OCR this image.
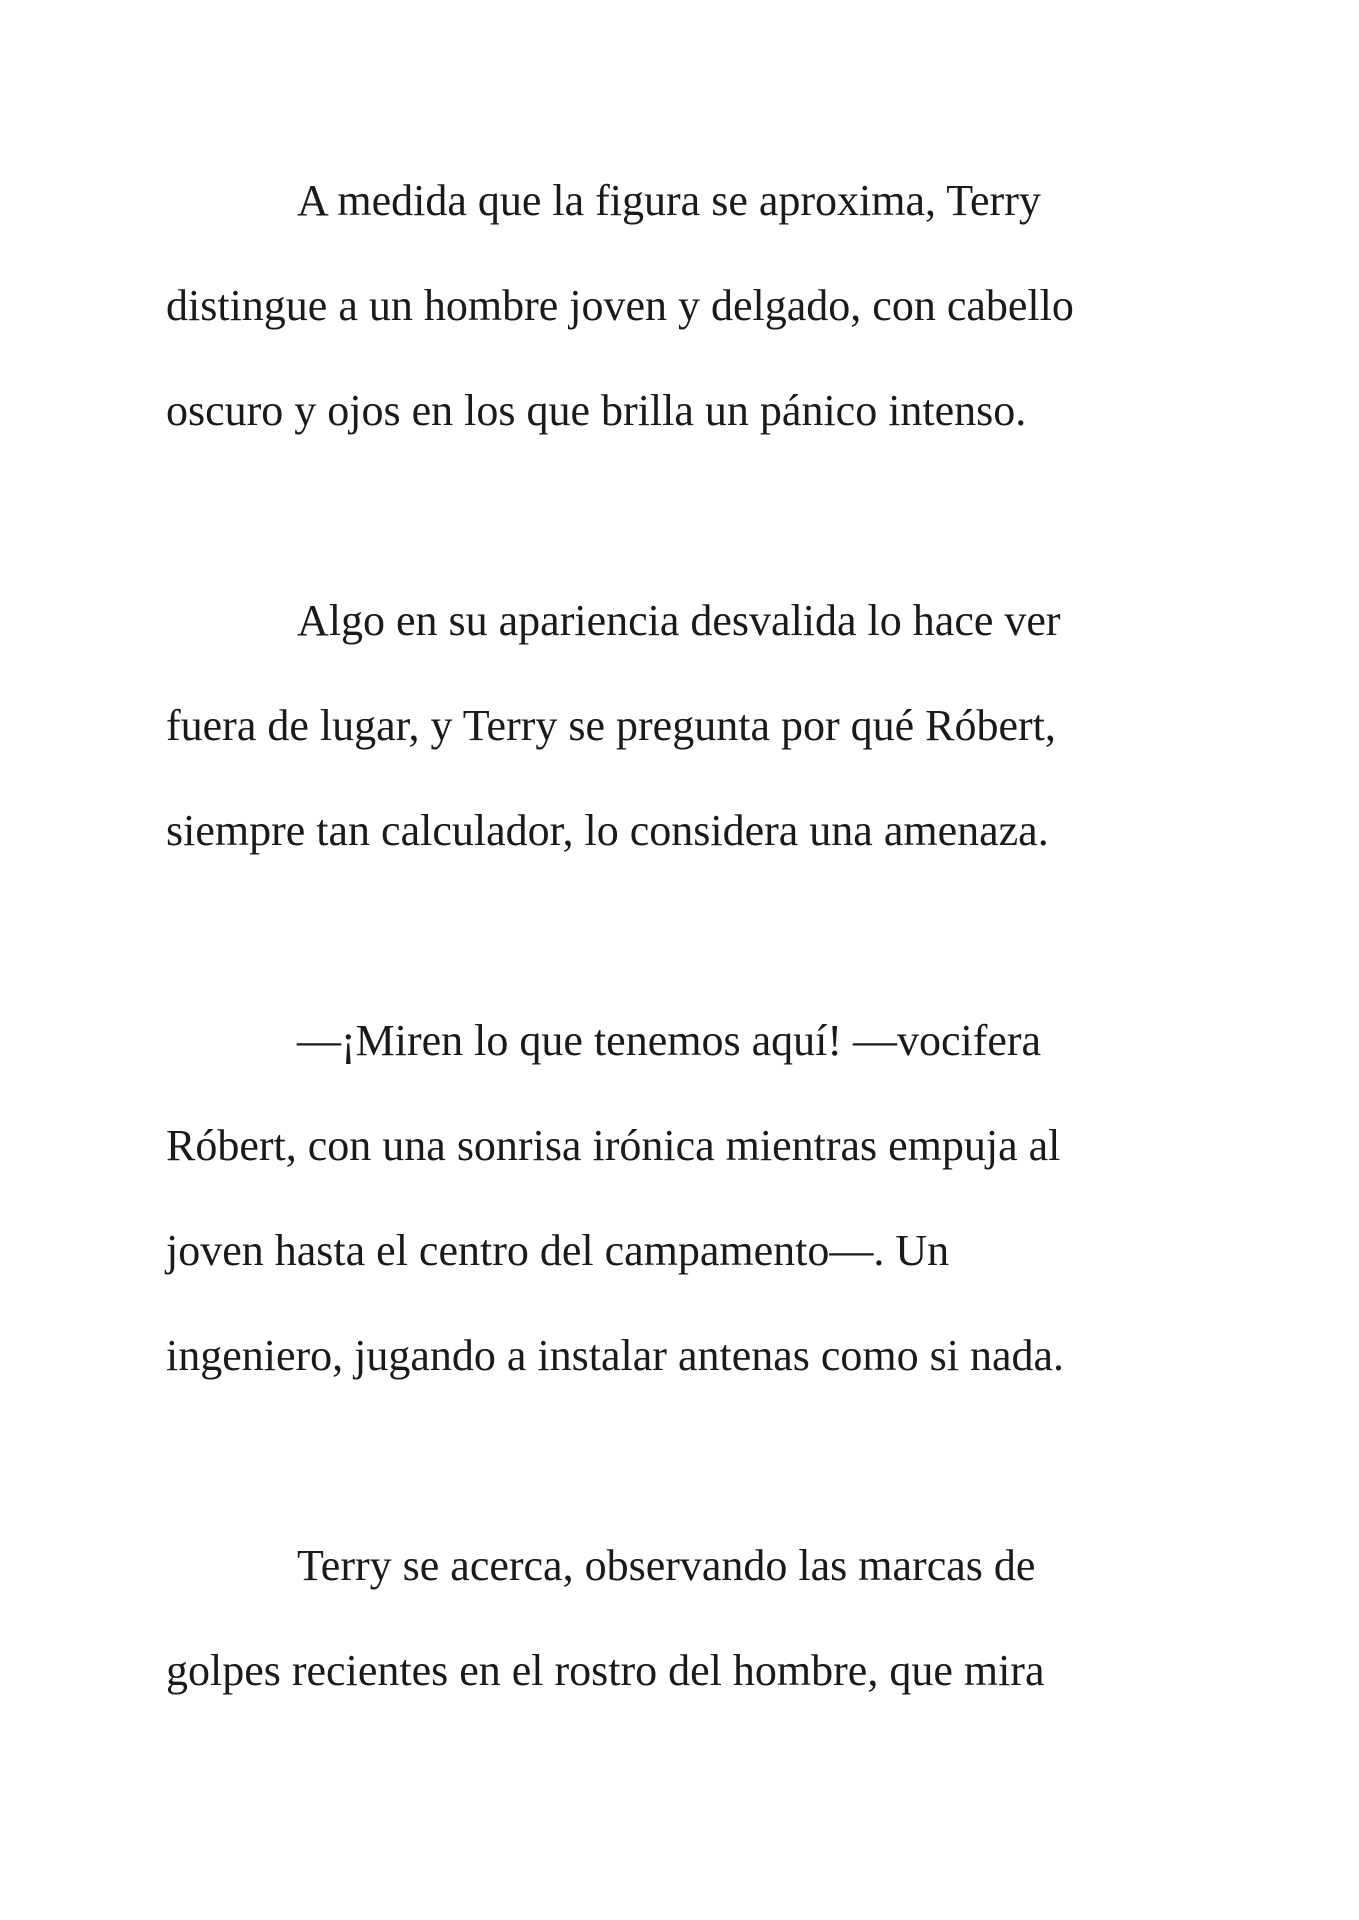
A medida que la figura se aproxima, Terry
distingue a un hombre joven y delgado, con cabello
oscuro y ojos en los que brilla un pánico intenso.

Algo en su apariencia desvalida lo hace ver
fuera de lugar, y Terry se pregunta por qué Róbert,
siempre tan calculador, lo considera una amenaza.

—¡Miren lo que tenemos aquí! —vocifera
Róbert, con una sonrisa irónica mientras empuja al
joven hasta el centro del campamento—. Un
ingeniero, jugando a instalar antenas como si nada.

Terry se acerca, observando las marcas de
golpes recientes en el rostro del hombre, que mira
